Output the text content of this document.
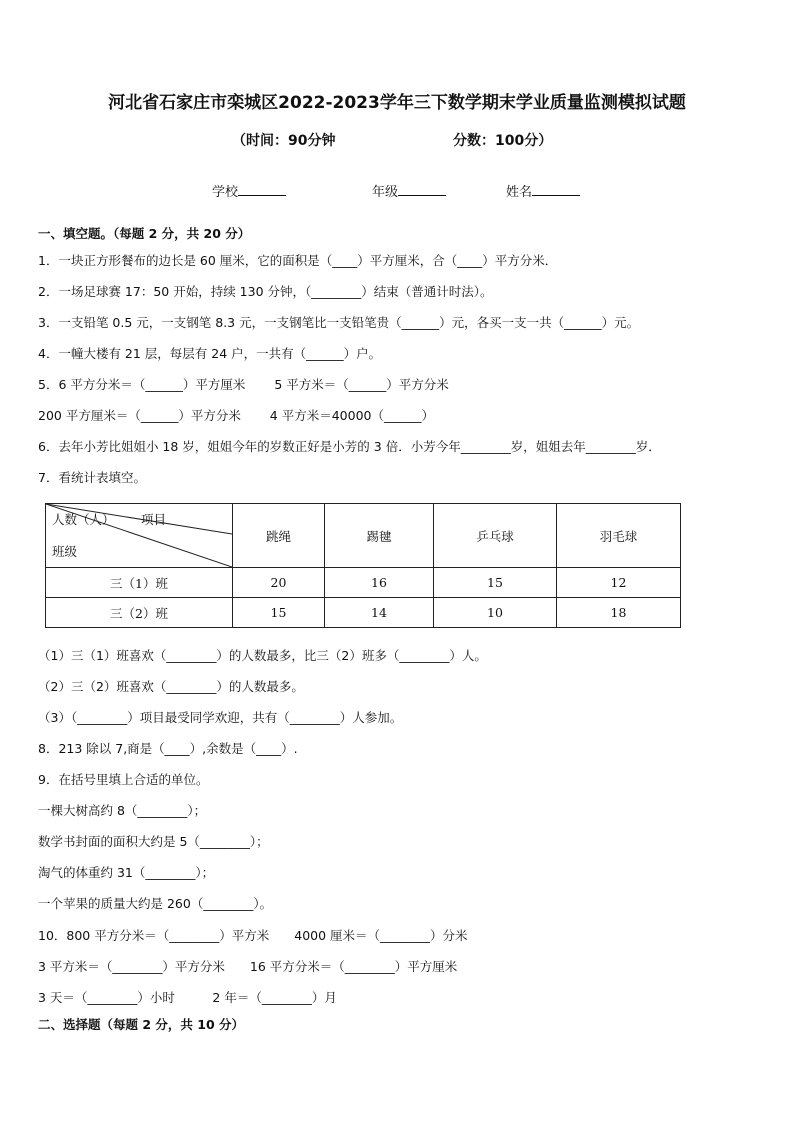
河北省石家庄市栾城区2022-2023学年三下数学期末学业质量监测模拟试题
（时间：90分钟	分数：100分）
学校	年级	姓名
一、填空题。（每题 2 分，共 20 分）
1．一块正方形餐布的边长是 60 厘米，它的面积是（____）平方厘米，合（____）平方分米．
2．一场足球赛 17：50 开始，持续 130 分钟，（________）结束（普通计时法）。
3．一支铅笔 0.5 元，一支钢笔 8.3 元，一支钢笔比一支铅笔贵（______）元，各买一支一共（______）元。
4．一幢大楼有 21 层，每层有 24 户，一共有（______）户。
5．6 平方分米＝（______）平方厘米　　 5 平方米＝（______）平方分米
200 平方厘米＝（______）平方分米　　 4 平方米＝40000（______）
6．去年小芳比姐姐小 18 岁，姐姐今年的岁数正好是小芳的 3 倍．小芳今年________岁，姐姐去年________岁．
7．看统计表填空。
人数（人） 项目
班级	跳绳	踢毽	乒乓球	羽毛球
三（1）班	20	16	15	12
三（2）班	15	14	10	18
（1）三（1）班喜欢（________）的人数最多，比三（2）班多（________）人。
（2）三（2）班喜欢（________）的人数最多。
（3）（________）项目最受同学欢迎，共有（________）人参加。
8．213 除以 7,商是（____）,余数是（____）.
9．在括号里填上合适的单位。
一棵大树高约 8（________）；
数学书封面的面积大约是 5（________）；
淘气的体重约 31（________）；
一个苹果的质量大约是 260（________）。
10．800 平方分米＝（________）平方米　　4000 厘米＝（________）分米
3 平方米＝（________）平方分米　　16 平方分米＝（________）平方厘米
3 天＝（________）小时　　　2 年＝（________）月
二、选择题（每题 2 分，共 10 分）
